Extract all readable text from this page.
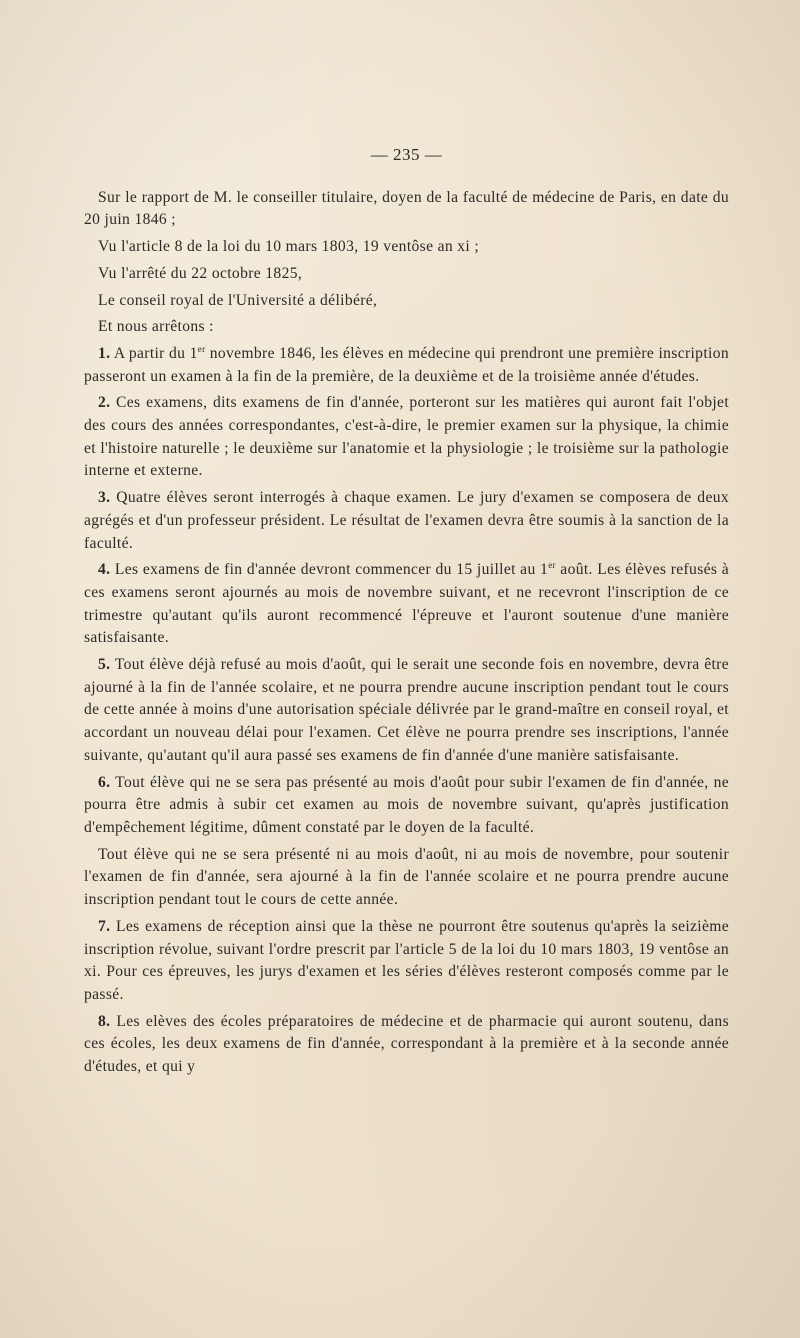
— 235 —

Sur le rapport de M. le conseiller titulaire, doyen de la faculté de médecine de Paris, en date du 20 juin 1846 ;

Vu l'article 8 de la loi du 10 mars 1803, 19 ventôse an xi ;

Vu l'arrêté du 22 octobre 1825,

Le conseil royal de l'Université a délibéré,

Et nous arrêtons :

1. A partir du 1er novembre 1846, les élèves en médecine qui prendront une première inscription passeront un examen à la fin de la première, de la deuxième et de la troisième année d'études.

2. Ces examens, dits examens de fin d'année, porteront sur les matières qui auront fait l'objet des cours des années correspondantes, c'est-à-dire, le premier examen sur la physique, la chimie et l'histoire naturelle ; le deuxième sur l'anatomie et la physiologie ; le troisième sur la pathologie interne et externe.

3. Quatre élèves seront interrogés à chaque examen. Le jury d'examen se composera de deux agrégés et d'un professeur président. Le résultat de l'examen devra être soumis à la sanction de la faculté.

4. Les examens de fin d'année devront commencer du 15 juillet au 1er août. Les élèves refusés à ces examens seront ajournés au mois de novembre suivant, et ne recevront l'inscription de ce trimestre qu'autant qu'ils auront recommencé l'épreuve et l'auront soutenue d'une manière satisfaisante.

5. Tout élève déjà refusé au mois d'août, qui le serait une seconde fois en novembre, devra être ajourné à la fin de l'année scolaire, et ne pourra prendre aucune inscription pendant tout le cours de cette année à moins d'une autorisation spéciale délivrée par le grand-maître en conseil royal, et accordant un nouveau délai pour l'examen. Cet élève ne pourra prendre ses inscriptions, l'année suivante, qu'autant qu'il aura passé ses examens de fin d'année d'une manière satisfaisante.

6. Tout élève qui ne se sera pas présenté au mois d'août pour subir l'examen de fin d'année, ne pourra être admis à subir cet examen au mois de novembre suivant, qu'après justification d'empêchement légitime, dûment constaté par le doyen de la faculté.

Tout élève qui ne se sera présenté ni au mois d'août, ni au mois de novembre, pour soutenir l'examen de fin d'année, sera ajourné à la fin de l'année scolaire et ne pourra prendre aucune inscription pendant tout le cours de cette année.

7. Les examens de réception ainsi que la thèse ne pourront être soutenus qu'après la seizième inscription révolue, suivant l'ordre prescrit par l'article 5 de la loi du 10 mars 1803, 19 ventôse an xi. Pour ces épreuves, les jurys d'examen et les séries d'élèves resteront composés comme par le passé.

8. Les elèves des écoles préparatoires de médecine et de pharmacie qui auront soutenu, dans ces écoles, les deux examens de fin d'année, correspondant à la première et à la seconde année d'études, et qui y
